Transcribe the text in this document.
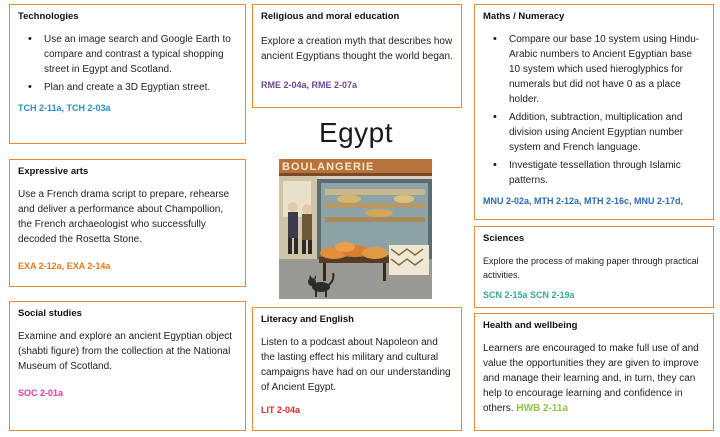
Technologies
• Use an image search and Google Earth to compare and contrast a typical shopping street in Egypt and Scotland.
• Plan and create a 3D Egyptian street.
TCH 2-11a, TCH 2-03a
Religious and moral education
Explore a creation myth that describes how ancient Egyptians thought the world began.
RME 2-04a, RME 2-07a
Maths / Numeracy
• Compare our base 10 system using Hindu-Arabic numbers to Ancient Egyptian base 10 system which used hieroglyphics for numerals but did not have 0 as a place holder.
• Addition, subtraction, multiplication and division using Ancient Egyptian number system and French language.
• Investigate tessellation through Islamic patterns.
MNU 2-02a, MTH 2-12a, MTH 2-16c, MNU 2-17d,
Expressive arts
Use a French drama script to prepare, rehearse and deliver a performance about Champollion, the French archaeologist who successfully decoded the Rosetta Stone.
EXA 2-12a, EXA 2-14a
Sciences
Explore the process of making paper through practical activities.
SCN 2-15a SCN 2-19a
Social studies
Examine and explore an ancient Egyptian object (shabti figure) from the collection at the National Museum of Scotland.
SOC 2-01a
Literacy and English
Listen to a podcast about Napoleon and the lasting effect his military and cultural campaigns have had on our understanding of Ancient Egypt.
LIT 2-04a
Health and wellbeing
Learners are encouraged to make full use of and value the opportunities they are given to improve and manage their learning and, in turn, they can help to encourage learning and confidence in others. HWB 2-11a
Egypt
BOULANGERIE
